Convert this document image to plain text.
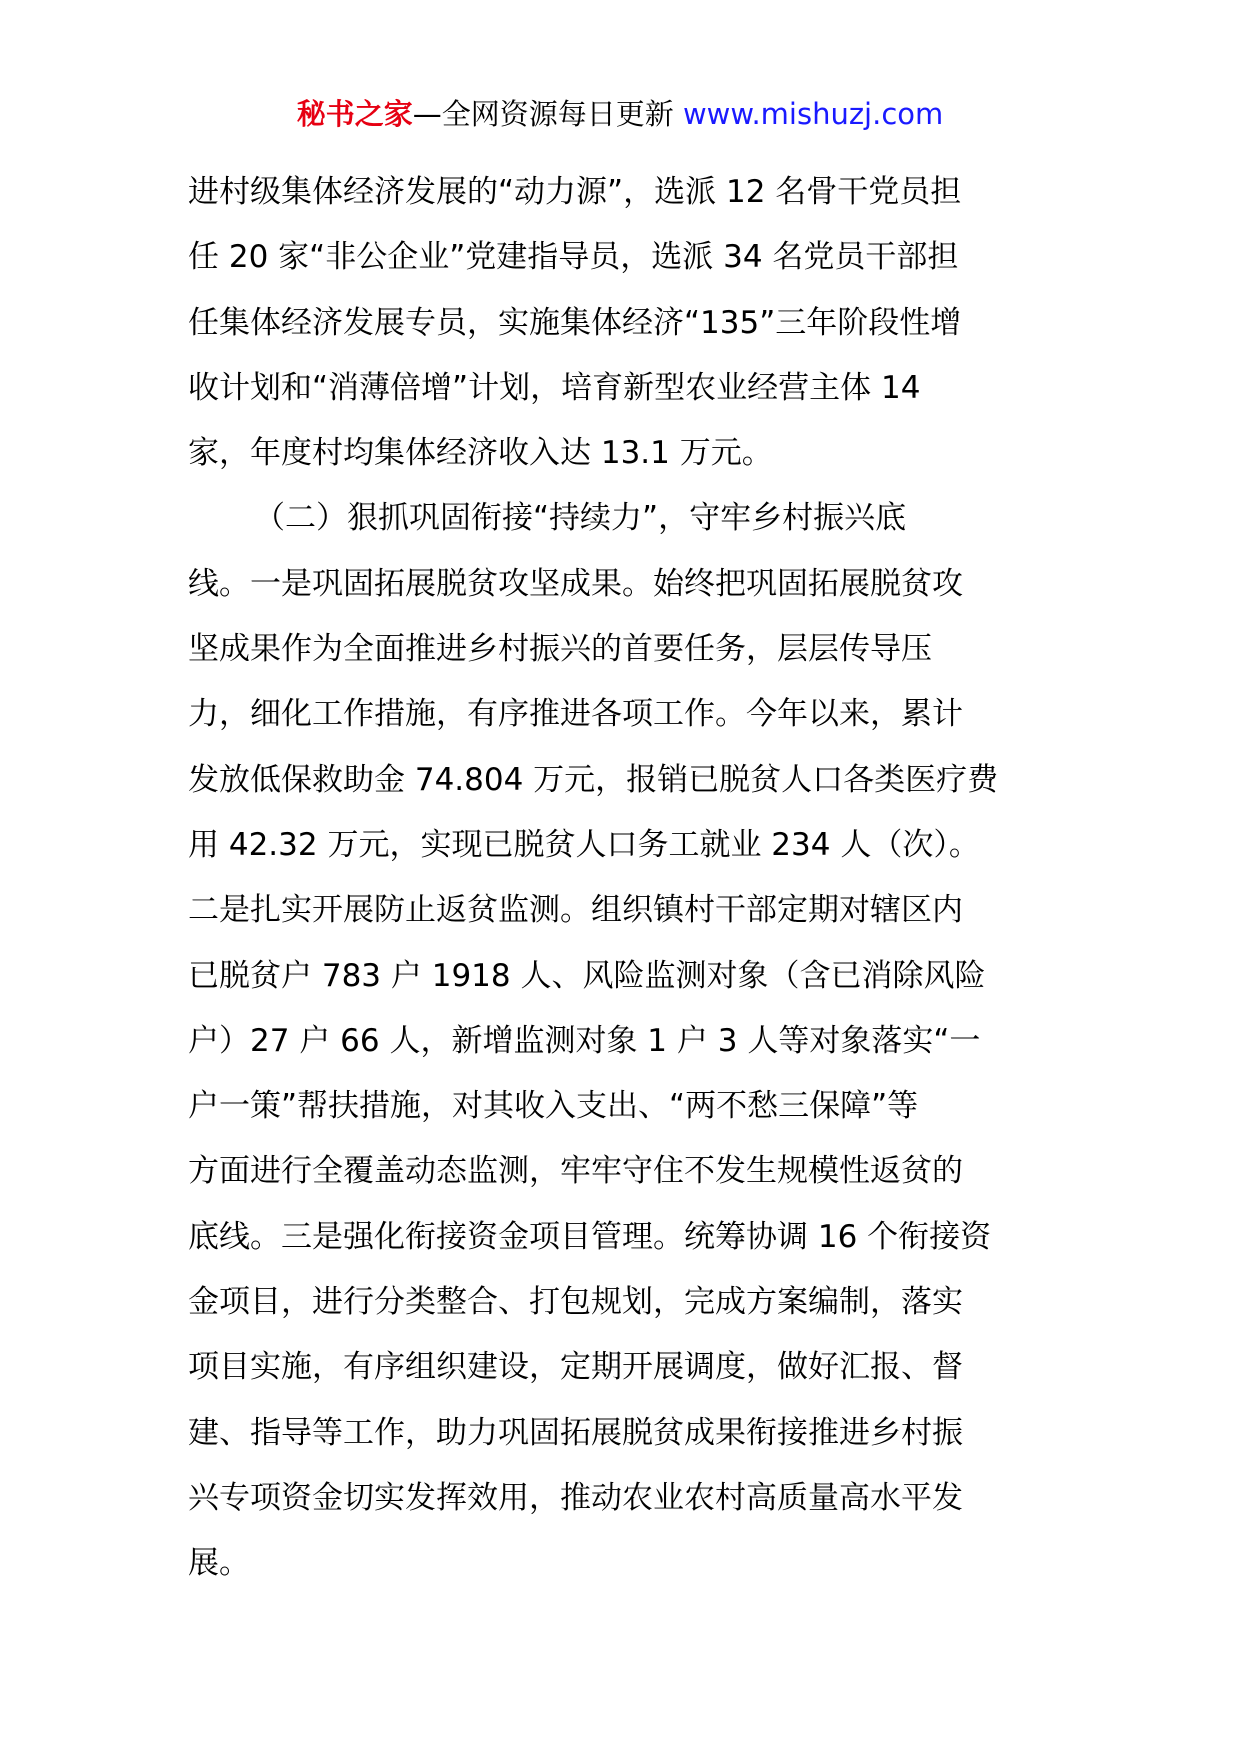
秘书之家—全网资源每日更新 www.mishuzj.com
进村级集体经济发展的“动力源”，选派 12 名骨干党员担
任 20 家“非公企业”党建指导员，选派 34 名党员干部担
任集体经济发展专员，实施集体经济“135”三年阶段性增
收计划和“消薄倍增”计划，培育新型农业经营主体 14
家，年度村均集体经济收入达 13.1 万元。
（二）狠抓巩固衔接“持续力”，守牢乡村振兴底
线。一是巩固拓展脱贫攻坚成果。始终把巩固拓展脱贫攻
坚成果作为全面推进乡村振兴的首要任务，层层传导压
力，细化工作措施，有序推进各项工作。今年以来，累计
发放低保救助金 74.804 万元，报销已脱贫人口各类医疗费
用 42.32 万元，实现已脱贫人口务工就业 234 人（次）。
二是扎实开展防止返贫监测。组织镇村干部定期对辖区内
已脱贫户 783 户 1918 人、风险监测对象（含已消除风险
户）27 户 66 人，新增监测对象 1 户 3 人等对象落实“一
户一策”帮扶措施，对其收入支出、“两不愁三保障”等
方面进行全覆盖动态监测，牢牢守住不发生规模性返贫的
底线。三是强化衔接资金项目管理。统筹协调 16 个衔接资
金项目，进行分类整合、打包规划，完成方案编制，落实
项目实施，有序组织建设，定期开展调度，做好汇报、督
建、指导等工作，助力巩固拓展脱贫成果衔接推进乡村振
兴专项资金切实发挥效用，推动农业农村高质量高水平发
展。
